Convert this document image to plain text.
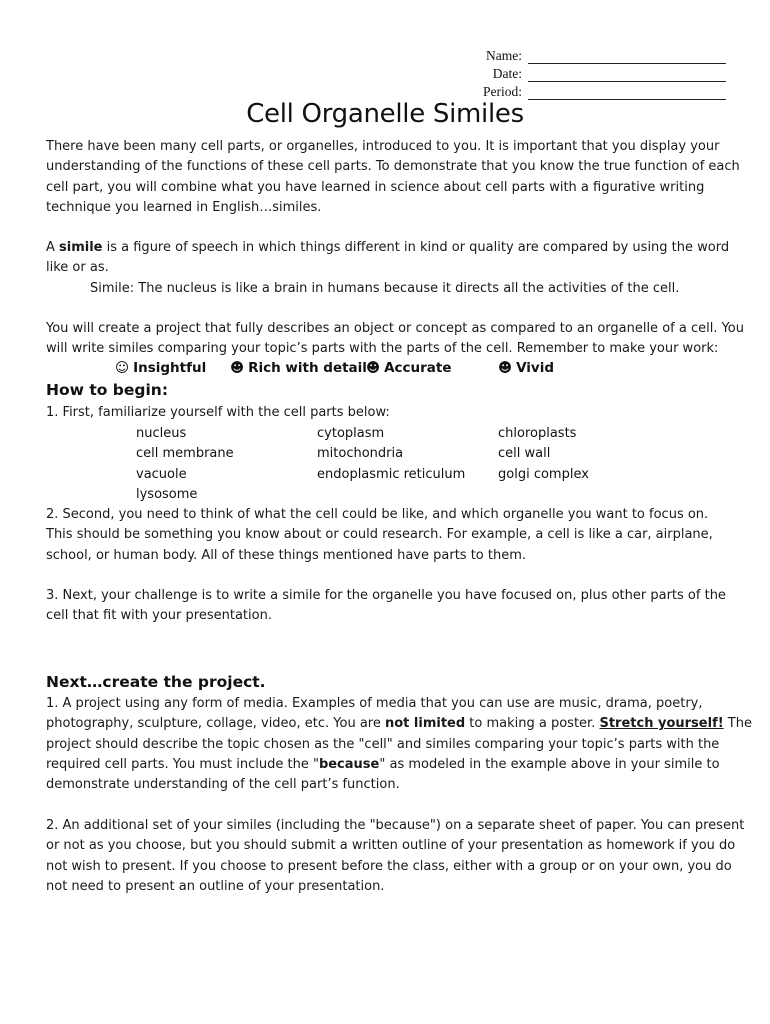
Name:
Date:
Period:
Cell Organelle Similes
There have been many cell parts, or organelles, introduced to you. It is important that you display your
understanding of the functions of these cell parts. To demonstrate that you know the true function of each
cell part, you will combine what you have learned in science about cell parts with a figurative writing
technique you learned in English…similes.
A simile is a figure of speech in which things different in kind or quality are compared by using the word
like or as.
Simile: The nucleus is like a brain in humans because it directs all the activities of the cell.
You will create a project that fully describes an object or concept as compared to an organelle of a cell. You
will write similes comparing your topic’s parts with the parts of the cell. Remember to make your work:
☺ Insightful ☻ Rich with detail ☻ Accurate	☻ Vivid
How to begin:
1. First, familiarize yourself with the cell parts below:
nucleus	cytoplasm	chloroplasts
cell membrane	mitochondria	cell wall
vacuole	endoplasmic reticulum	golgi complex
lysosome
2. Second, you need to think of what the cell could be like, and which organelle you want to focus on.
This should be something you know about or could research. For example, a cell is like a car, airplane,
school, or human body. All of these things mentioned have parts to them.
3. Next, your challenge is to write a simile for the organelle you have focused on, plus other parts of the
cell that fit with your presentation.
Next…create the project.
1. A project using any form of media. Examples of media that you can use are music, drama, poetry,
photography, sculpture, collage, video, etc. You are not limited to making a poster. Stretch yourself! The
project should describe the topic chosen as the "cell" and similes comparing your topic’s parts with the
required cell parts. You must include the "because" as modeled in the example above in your simile to
demonstrate understanding of the cell part’s function.
2. An additional set of your similes (including the "because") on a separate sheet of paper. You can present
or not as you choose, but you should submit a written outline of your presentation as homework if you do
not wish to present. If you choose to present before the class, either with a group or on your own, you do
not need to present an outline of your presentation.
